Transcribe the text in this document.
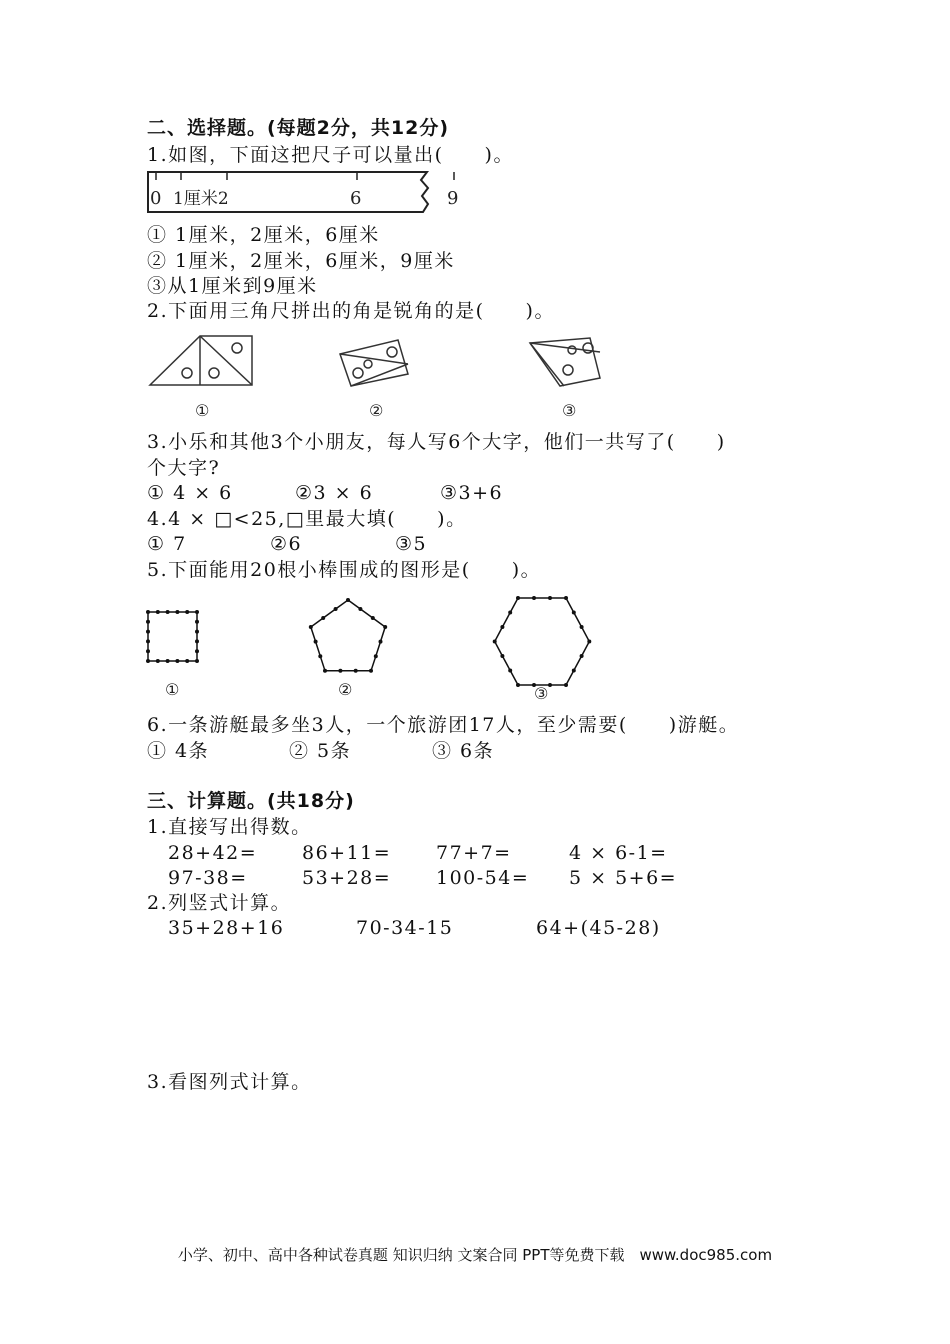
二、选择题。(每题2分，共12分)
1.如图，下面这把尺子可以量出(　　)。
0 1厘米2	6	9
① 1厘米，2厘米，6厘米
② 1厘米，2厘米，6厘米，9厘米
③从1厘米到9厘米
2.下面用三角尺拼出的角是锐角的是(　　)。
①	②	③
3.小乐和其他3个小朋友，每人写6个大字，他们一共写了(　　)
个大字?
① 4 × 6	②3 × 6	③3+6
4.4 × □<25,□里最大填(　　)。
① 7	②6	③5
5.下面能用20根小棒围成的图形是(　　)。
①	②	③
6.一条游艇最多坐3人，一个旅游团17人，至少需要(　　)游艇。
① 4条	② 5条	③ 6条
三、计算题。(共18分)
1.直接写出得数。
28+42= 86+11= 77+7=	4 × 6-1=
97-38=	53+28= 100-54= 5 × 5+6=
2.列竖式计算。
35+28+16	70-34-15	64+(45-28)
3.看图列式计算。
小学、初中、高中各种试卷真题 知识归纳 文案合同 PPT等免费下载　www.doc985.com
